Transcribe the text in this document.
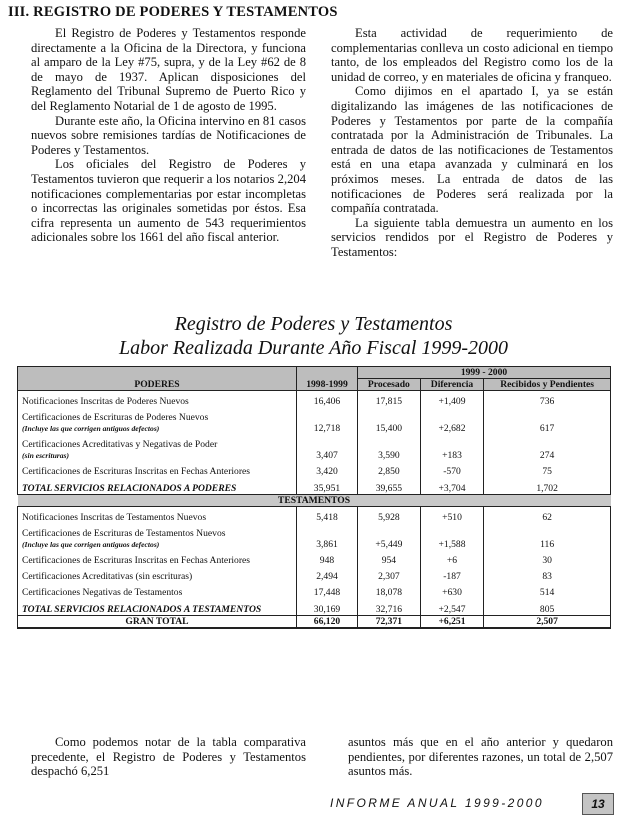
III. REGISTRO DE PODERES Y TESTAMENTOS

El Registro de Poderes y Testamentos responde directamente a la Oficina de la Directora, y funciona al amparo de la Ley #75, supra, y de la Ley #62 de 8 de mayo de 1937. Aplican disposiciones del Reglamento del Tribunal Supremo de Puerto Rico y del Reglamento Notarial de 1 de agosto de 1995.

Durante este año, la Oficina intervino en 81 casos nuevos sobre remisiones tardías de Notificaciones de Poderes y Testamentos.

Los oficiales del Registro de Poderes y Testamentos tuvieron que requerir a los notarios 2,204 notificaciones complementarias por estar incompletas o incorrectas las originales sometidas por éstos. Esa cifra representa un aumento de 543 requerimientos adicionales sobre los 1661 del año fiscal anterior.

Esta actividad de requerimiento de complementarias conlleva un costo adicional en tiempo tanto, de los empleados del Registro como los de la unidad de correo, y en materiales de oficina y franqueo.

Como dijimos en el apartado I, ya se están digitalizando las imágenes de las notificaciones de Poderes y Testamentos por parte de la compañía contratada por la Administración de Tribunales. La entrada de datos de las notificaciones de Testamentos está en una etapa avanzada y culminará en los próximos meses. La entrada de datos de las notificaciones de Poderes será realizada por la compañía contratada.

La siguiente tabla demuestra un aumento en los servicios rendidos por el Registro de Poderes y Testamentos:

Registro de Poderes y Testamentos
Labor Realizada Durante Año Fiscal 1999-2000
PODERES	1998-1999	1999 - 2000		
		Procesado	Diferencia	Recibidos y Pendientes
Notificaciones Inscritas de Poderes Nuevos	16,406	17,815	+1,409	736
Certificaciones de Escrituras de Poderes Nuevos
(Incluye las que corrigen antiguos defectos)	12,718	15,400	+2,682	617
Certificaciones Acreditativas y Negativas de Poder
(sin escrituras)	3,407	3,590	+183	274
Certificaciones de Escrituras Inscritas en Fechas Anteriores	3,420	2,850	-570	75
TOTAL SERVICIOS RELACIONADOS A PODERES	35,951	39,655	+3,704	1,702
TESTAMENTOS				
Notificaciones Inscritas de Testamentos Nuevos	5,418	5,928	+510	62
Certificaciones de Escrituras de Testamentos Nuevos
(Incluye las que corrigen antiguos defectos)	3,861	+5,449	+1,588	116
Certificaciones de Escrituras Inscritas en Fechas Anteriores	948	954	+6	30
Certificaciones Acreditativas (sin escrituras)	2,494	2,307	-187	83
Certificaciones Negativas de Testamentos	17,448	18,078	+630	514
TOTAL SERVICIOS RELACIONADOS A TESTAMENTOS	30,169	32,716	+2,547	805
GRAN TOTAL	66,120	72,371	+6,251	2,507

Como podemos notar de la tabla comparativa precedente, el Registro de Poderes y Testamentos despachó 6,251

asuntos más que en el año anterior y quedaron pendientes, por diferentes razones, un total de 2,507 asuntos más.

INFORME ANUAL 1999-2000	13
